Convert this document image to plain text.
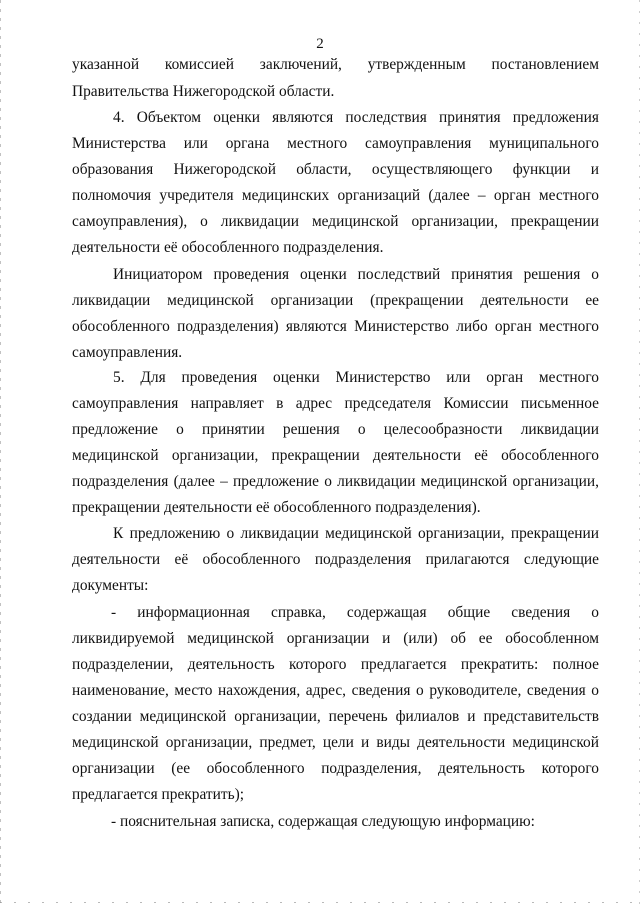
2
указанной комиссией заключений, утвержденным постановлением
Правительства Нижегородской области.
4. Объектом оценки являются последствия принятия предложения
Министерства или органа местного самоуправления муниципального
образования Нижегородской области, осуществляющего функции и
полномочия учредителя медицинских организаций (далее – орган местного
самоуправления), о ликвидации медицинской организации, прекращении
деятельности её обособленного подразделения.
Инициатором проведения оценки последствий принятия решения о
ликвидации медицинской организации (прекращении деятельности ее
обособленного подразделения) являются Министерство либо орган местного
самоуправления.
5. Для проведения оценки Министерство или орган местного
самоуправления направляет в адрес председателя Комиссии письменное
предложение о принятии решения о целесообразности ликвидации
медицинской организации, прекращении деятельности её обособленного
подразделения (далее – предложение о ликвидации медицинской организации,
прекращении деятельности её обособленного подразделения).
К предложению о ликвидации медицинской организации, прекращении
деятельности её обособленного подразделения прилагаются следующие
документы:
- информационная справка, содержащая общие сведения о
ликвидируемой медицинской организации и (или) об ее обособленном
подразделении, деятельность которого предлагается прекратить: полное
наименование, место нахождения, адрес, сведения о руководителе, сведения о
создании медицинской организации, перечень филиалов и представительств
медицинской организации, предмет, цели и виды деятельности медицинской
организации (ее обособленного подразделения, деятельность которого
предлагается прекратить);
- пояснительная записка, содержащая следующую информацию:
